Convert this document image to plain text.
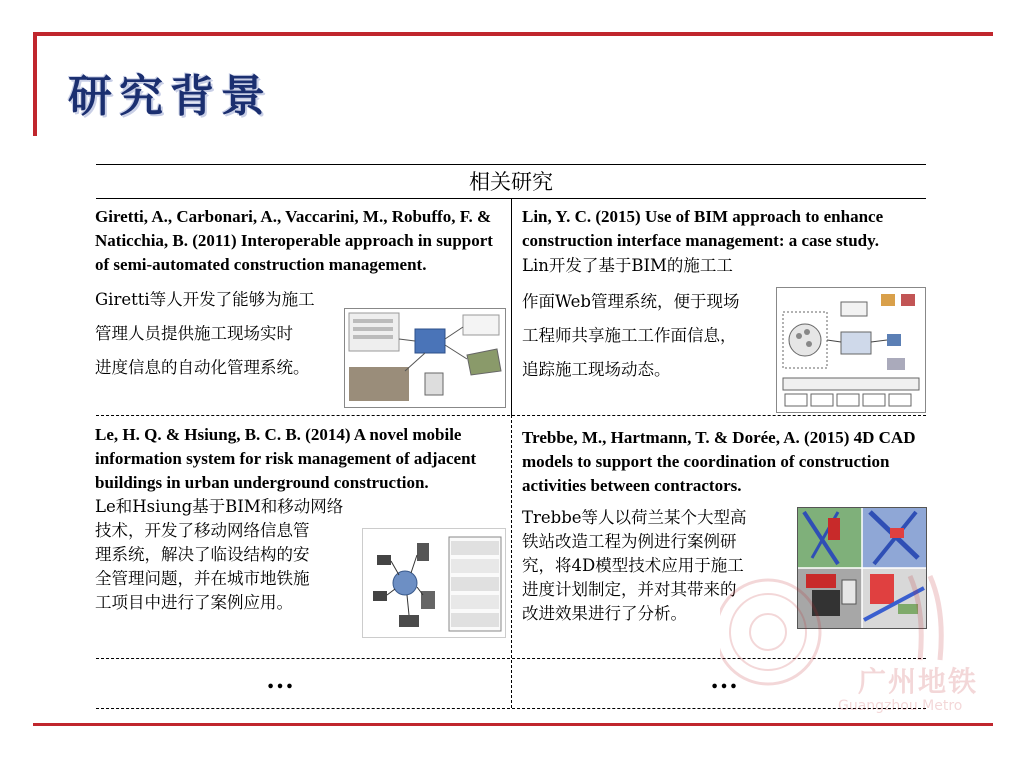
研究背景
相关研究

Giretti, A., Carbonari, A., Vaccarini, M., Robuffo, F. & Naticchia, B. (2011) Interoperable approach in support of semi-automated construction management.

Giretti等人开发了能够为施工

管理人员提供施工现场实时

进度信息的自动化管理系统。

Lin, Y. C. (2015) Use of BIM approach to enhance construction interface management: a case study.

Lin开发了基于BIM的施工工

作面Web管理系统，便于现场

工程师共享施工工作面信息，

追踪施工现场动态。

Le, H. Q. & Hsiung, B. C. B. (2014) A novel mobile information system for risk management of adjacent buildings in urban underground construction.

Le和Hsiung基于BIM和移动网络

技术，开发了移动网络信息管

理系统，解决了临设结构的安

全管理问题，并在城市地铁施

工项目中进行了案例应用。

Trebbe, M., Hartmann, T. & Dorée, A. (2015) 4D CAD models to support the coordination of construction activities between contractors.

Trebbe等人以荷兰某个大型高

铁站改造工程为例进行案例研

究，将4D模型技术应用于施工

进度计划制定，并对其带来的

改进效果进行了分析。

…	…	广州地铁
Guangzhou Metro
